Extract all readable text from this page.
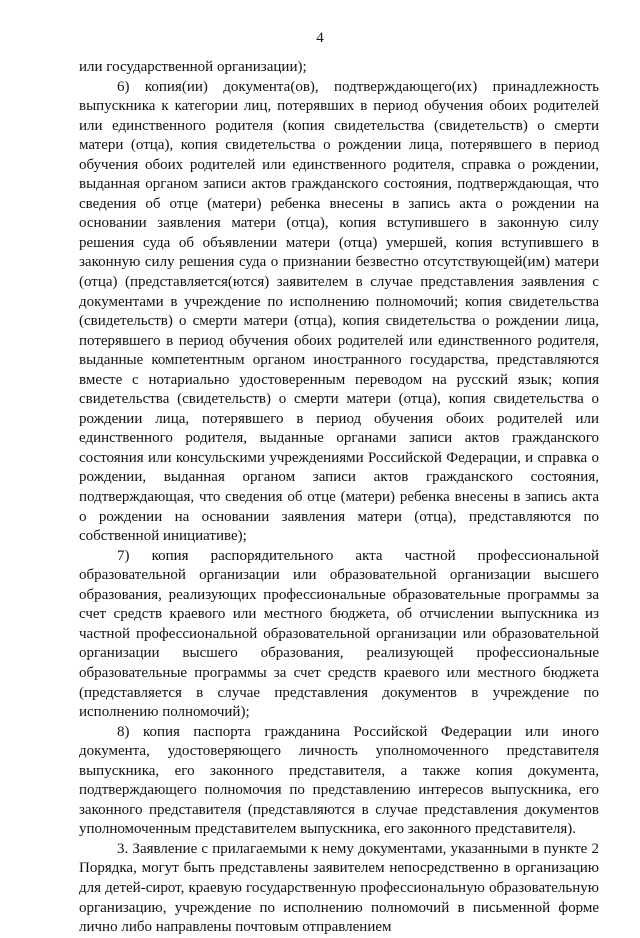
4

или государственной организации);

6) копия(ии) документа(ов), подтверждающего(их) принадлежность выпускника к категории лиц, потерявших в период обучения обоих родителей или единственного родителя (копия свидетельства (свидетельств) о смерти матери (отца), копия свидетельства о рождении лица, потерявшего в период обучения обоих родителей или единственного родителя, справка о рождении, выданная органом записи актов гражданского состояния, подтверждающая, что сведения об отце (матери) ребенка внесены в запись акта о рождении на основании заявления матери (отца), копия вступившего в законную силу решения суда об объявлении матери (отца) умершей, копия вступившего в законную силу решения суда о признании безвестно отсутствующей(им) матери (отца) (представляется(ются) заявителем в случае представления заявления с документами в учреждение по исполнению полномочий; копия свидетельства (свидетельств) о смерти матери (отца), копия свидетельства о рождении лица, потерявшего в период обучения обоих родителей или единственного родителя, выданные компетентным органом иностранного государства, представляются вместе с нотариально удостоверенным переводом на русский язык; копия свидетельства (свидетельств) о смерти матери (отца), копия свидетельства о рождении лица, потерявшего в период обучения обоих родителей или единственного родителя, выданные органами записи актов гражданского состояния или консульскими учреждениями Российской Федерации, и справка о рождении, выданная органом записи актов гражданского состояния, подтверждающая, что сведения об отце (матери) ребенка внесены в запись акта о рождении на основании заявления матери (отца), представляются по собственной инициативе);

7) копия распорядительного акта частной профессиональной образовательной организации или образовательной организации высшего образования, реализующих профессиональные образовательные программы за счет средств краевого или местного бюджета, об отчислении выпускника из частной профессиональной образовательной организации или образовательной организации высшего образования, реализующей профессиональные образовательные программы за счет средств краевого или местного бюджета (представляется в случае представления документов в учреждение по исполнению полномочий);

8) копия паспорта гражданина Российской Федерации или иного документа, удостоверяющего личность уполномоченного представителя выпускника, его законного представителя, а также копия документа, подтверждающего полномочия по представлению интересов выпускника, его законного представителя (представляются в случае представления документов уполномоченным представителем выпускника, его законного представителя).

3. Заявление с прилагаемыми к нему документами, указанными в пункте 2 Порядка, могут быть представлены заявителем непосредственно в организацию для детей-сирот, краевую государственную профессиональную образовательную организацию, учреждение по исполнению полномочий в письменной форме лично либо направлены почтовым отправлением
